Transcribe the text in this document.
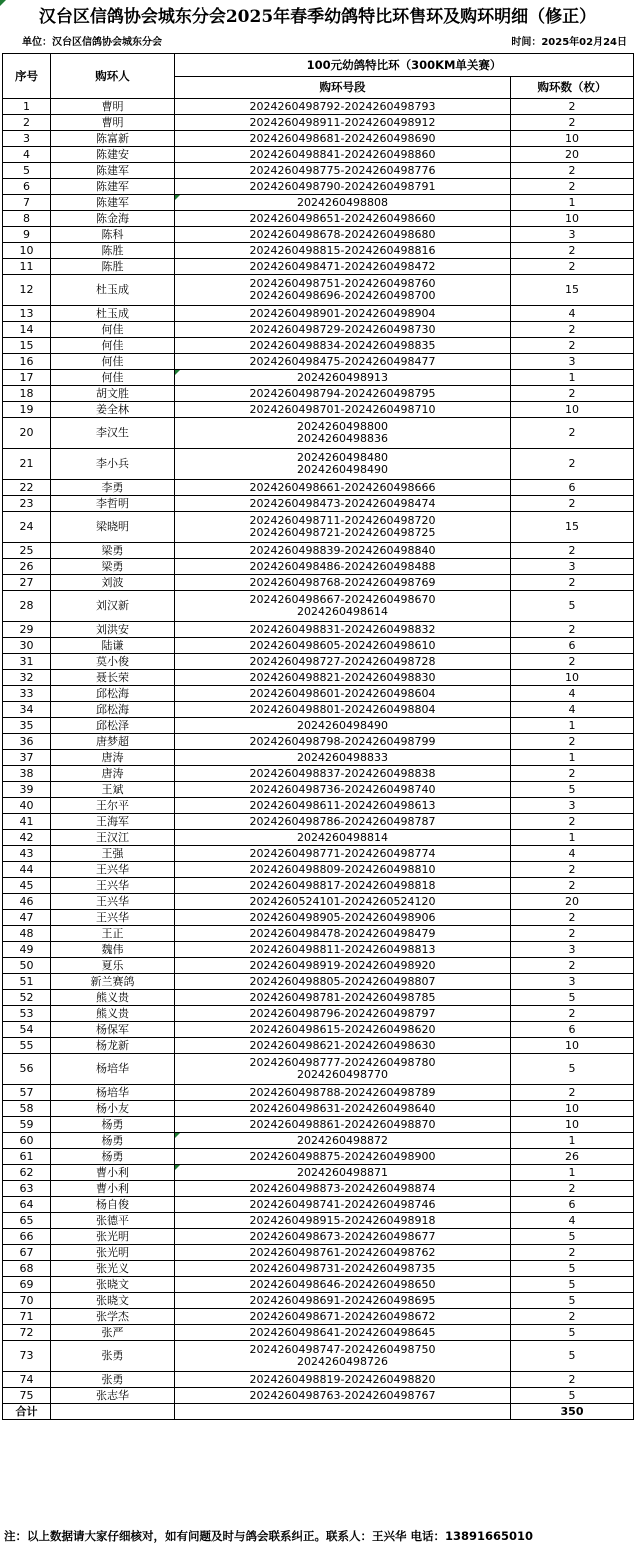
汉台区信鸽协会城东分会2025年春季幼鸽特比环售环及购环明细（修正）
单位：汉台区信鸽协会城东分会	时间：2025年02月24日
序号	购环人	100元幼鸽特比环（300KM单关赛）	
		购环号段	购环数（枚）
1	曹明	2024260498792-2024260498793	2
2	曹明	2024260498911-2024260498912	2
3	陈富新	2024260498681-2024260498690	10
4	陈建安	2024260498841-2024260498860	20
5	陈建军	2024260498775-2024260498776	2
6	陈建军	2024260498790-2024260498791	2
7	陈建军	2024260498808	1
8	陈金海	2024260498651-2024260498660	10
9	陈科	2024260498678-2024260498680	3
10	陈胜	2024260498815-2024260498816	2
11	陈胜	2024260498471-2024260498472	2
12	杜玉成	2024260498751-2024260498760
2024260498696-2024260498700	15
13	杜玉成	2024260498901-2024260498904	4
14	何佳	2024260498729-2024260498730	2
15	何佳	2024260498834-2024260498835	2
16	何佳	2024260498475-2024260498477	3
17	何佳	2024260498913	1
18	胡文胜	2024260498794-2024260498795	2
19	姜全林	2024260498701-2024260498710	10
20	李汉生	2024260498800
2024260498836	2
21	李小兵	2024260498480
2024260498490	2
22	李勇	2024260498661-2024260498666	6
23	李哲明	2024260498473-2024260498474	2
24	梁晓明	2024260498711-2024260498720
2024260498721-2024260498725	15
25	梁勇	2024260498839-2024260498840	2
26	梁勇	2024260498486-2024260498488	3
27	刘波	2024260498768-2024260498769	2
28	刘汉新	2024260498667-2024260498670
2024260498614	5
29	刘洪安	2024260498831-2024260498832	2
30	陆谦	2024260498605-2024260498610	6
31	莫小俊	2024260498727-2024260498728	2
32	聂长荣	2024260498821-2024260498830	10
33	邱松海	2024260498601-2024260498604	4
34	邱松海	2024260498801-2024260498804	4
35	邱松泽	2024260498490	1
36	唐梦超	2024260498798-2024260498799	2
37	唐涛	2024260498833	1
38	唐涛	2024260498837-2024260498838	2
39	王斌	2024260498736-2024260498740	5
40	王尔平	2024260498611-2024260498613	3
41	王海军	2024260498786-2024260498787	2
42	王汉江	2024260498814	1
43	王强	2024260498771-2024260498774	4
44	王兴华	2024260498809-2024260498810	2
45	王兴华	2024260498817-2024260498818	2
46	王兴华	2024260524101-2024260524120	20
47	王兴华	2024260498905-2024260498906	2
48	王正	2024260498478-2024260498479	2
49	魏伟	2024260498811-2024260498813	3
50	夏乐	2024260498919-2024260498920	2
51	新兰赛鸽	2024260498805-2024260498807	3
52	熊义贵	2024260498781-2024260498785	5
53	熊义贵	2024260498796-2024260498797	2
54	杨保军	2024260498615-2024260498620	6
55	杨龙新	2024260498621-2024260498630	10
56	杨培华	2024260498777-2024260498780
2024260498770	5
57	杨培华	2024260498788-2024260498789	2
58	杨小友	2024260498631-2024260498640	10
59	杨勇	2024260498861-2024260498870	10
60	杨勇	2024260498872	1
61	杨勇	2024260498875-2024260498900	26
62	曹小利	2024260498871	1
63	曹小利	2024260498873-2024260498874	2
64	杨自俊	2024260498741-2024260498746	6
65	张德平	2024260498915-2024260498918	4
66	张光明	2024260498673-2024260498677	5
67	张光明	2024260498761-2024260498762	2
68	张光义	2024260498731-2024260498735	5
69	张晓文	2024260498646-2024260498650	5
70	张晓文	2024260498691-2024260498695	5
71	张学杰	2024260498671-2024260498672	2
72	张严	2024260498641-2024260498645	5
73	张勇	2024260498747-2024260498750
2024260498726	5
74	张勇	2024260498819-2024260498820	2
75	张志华	2024260498763-2024260498767	5
合计			350
注：以上数据请大家仔细核对，如有问题及时与鸽会联系纠正。联系人：王兴华 电话：13891665010
